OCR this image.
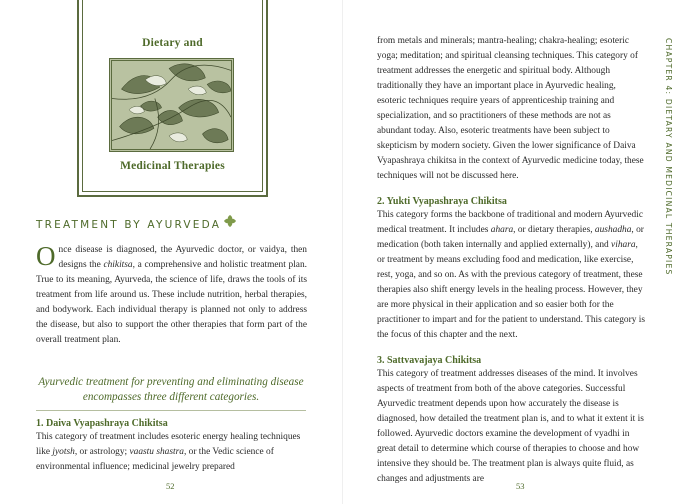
Dietary and
Medicinal Therapies
TREATMENT BY AYURVEDA

Once disease is diagnosed, the Ayurvedic doctor, or vaidya, then designs the chikitsa, a comprehensive and holistic treatment plan. True to its meaning, Ayurveda, the science of life, draws the tools of its treatment from life around us. These include nutrition, herbal therapies, and bodywork. Each individual therapy is planned not only to address the disease, but also to support the other therapies that form part of the overall treatment plan.

Ayurvedic treatment for preventing and eliminating disease encompasses three different categories.

1. Daiva Vyapashraya Chikitsa

This category of treatment includes esoteric energy healing techniques like jyotsh, or astrology; vaastu shastra, or the Vedic science of environmental influence; medicinal jewelry prepared

52

from metals and minerals; mantra-healing; chakra-healing; esoteric yoga; meditation; and spiritual cleansing techniques. This category of treatment addresses the energetic and spiritual body. Although traditionally they have an important place in Ayurvedic healing, esoteric techniques require years of apprenticeship training and specialization, and so practitioners of these methods are not as abundant today. Also, esoteric treatments have been subject to skepticism by modern society. Given the lower significance of Daiva Vyapashraya chikitsa in the context of Ayurvedic medicine today, these techniques will not be discussed here.

2. Yukti Vyapashraya Chikitsa

This category forms the backbone of traditional and modern Ayurvedic medical treatment. It includes ahara, or dietary therapies, aushadha, or medication (both taken internally and applied externally), and vihara, or treatment by means excluding food and medication, like exercise, rest, yoga, and so on. As with the previous category of treatment, these therapies also shift energy levels in the healing process. However, they are more physical in their application and so easier both for the practitioner to impart and for the patient to understand. This category is the focus of this chapter and the next.

3. Sattvavajaya Chikitsa

This category of treatment addresses diseases of the mind. It involves aspects of treatment from both of the above categories. Successful Ayurvedic treatment depends upon how accurately the disease is diagnosed, how detailed the treatment plan is, and to what it extent it is followed. Ayurvedic doctors examine the development of vyadhi in great detail to determine which course of therapies to choose and how intensive they should be. The treatment plan is always quite fluid, as changes and adjustments are

CHAPTER 4: DIETARY AND MEDICINAL THERAPIES
53
